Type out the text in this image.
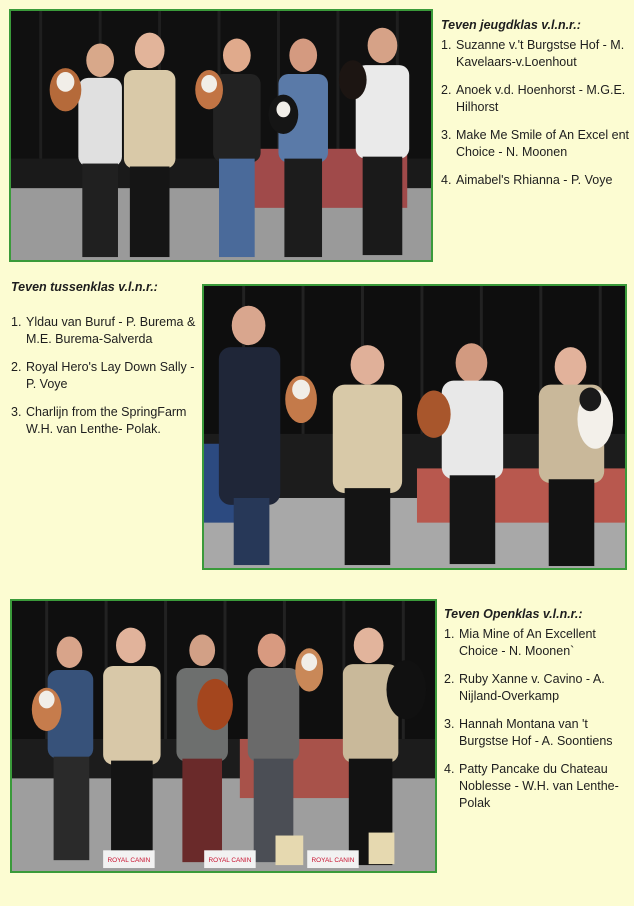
Teven jeugdklas v.l.n.r.:
1. Suzanne v.'t Burgstse Hof - M. Kavelaars-v.Loenhout
2. Anoek v.d. Hoenhorst - M.G.E. Hilhorst
3. Make Me Smile of An Excel ent Choice - N. Moonen
4. Aimabel's Rhianna - P. Voye
Teven tussenklas v.l.n.r.:
1. Yldau van Buruf - P. Burema & M.E. Burema-Salverda
2. Royal Hero's Lay Down Sally - P. Voye
3. Charlijn from the SpringFarm W.H. van Lenthe- Polak.
ROYAL CANIN	ROYAL CANIN	ROYAL CANIN
Teven Openklas v.l.n.r.:
1. Mia Mine of An Excellent Choice - N. Moonen`
2. Ruby Xanne v. Cavino - A. Nijland-Overkamp
3. Hannah Montana van 't Burgstse Hof - A. Soontiens
4. Patty Pancake du Chateau Noblesse - W.H. van Lenthe-Polak
